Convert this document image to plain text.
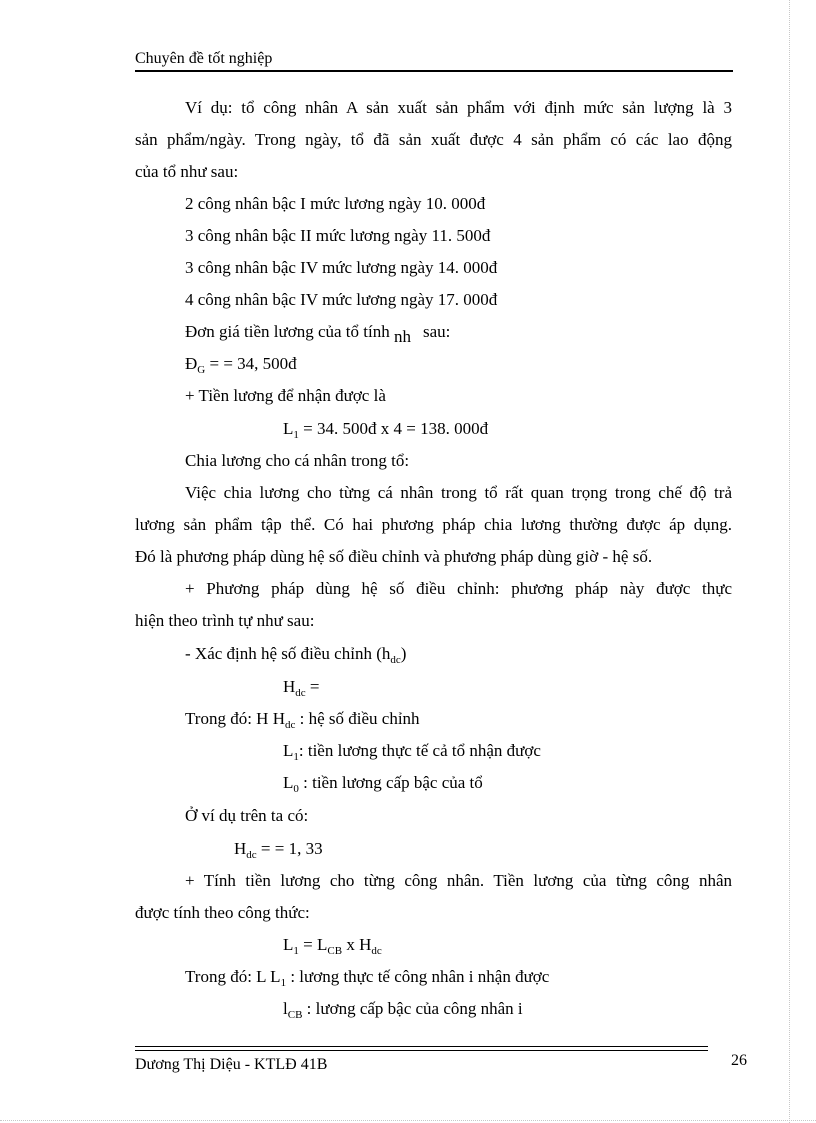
Chuyên đề tốt nghiệp
Ví dụ: tổ công nhân A sản xuất sản phẩm với định mức sản lượng là 3
sản phẩm/ngày. Trong ngày, tổ đã sản xuất được 4 sản phẩm có các lao động
của tổ như sau:
2 công nhân bậc I mức lương ngày 10. 000đ
3 công nhân bậc II mức lương ngày 11. 500đ
3 công nhân bậc IV mức lương ngày 14. 000đ
4 công nhân bậc IV mức lương ngày 17. 000đ
Đơn giá tiền lương của tổ tính nh sau:
$Đ_G$ = = 34, 500đ
+ Tiền lương để nhận được là
$L_1 = 34$. 500đ x 4 = 138. 000đ
Chia lương cho cá nhân trong tổ:
Việc chia lương cho từng cá nhân trong tổ rất quan trọng trong chế độ trả
lương sản phẩm tập thể. Có hai phương pháp chia lương thường được áp dụng.
Đó là phương pháp dùng hệ số điều chỉnh và phương pháp dùng giờ - hệ số.
+ Phương pháp dùng hệ số điều chỉnh: phương pháp này được thực
hiện theo trình tự như sau:
- Xác định hệ số điều chỉnh $(h_{dc})$
$H_{dc}$ =
Trong đó: H $H_{dc}$ : hệ số điều chỉnh
$L_1$: tiền lương thực tế cả tổ nhận được
$L_0$ : tiền lương cấp bậc của tổ
Ở ví dụ trên ta có:
$H_{dc}$ = = 1, 33
+ Tính tiền lương cho từng công nhân. Tiền lương của từng công nhân
được tính theo công thức:
$L_1 = L_{CB}$ x $H_{dc}$
Trong đó: L $L_1$ : lương thực tế công nhân i nhận được
$l_{CB}$ : lương cấp bậc của công nhân i
Dương Thị Diệu - KTLĐ 41B	26
